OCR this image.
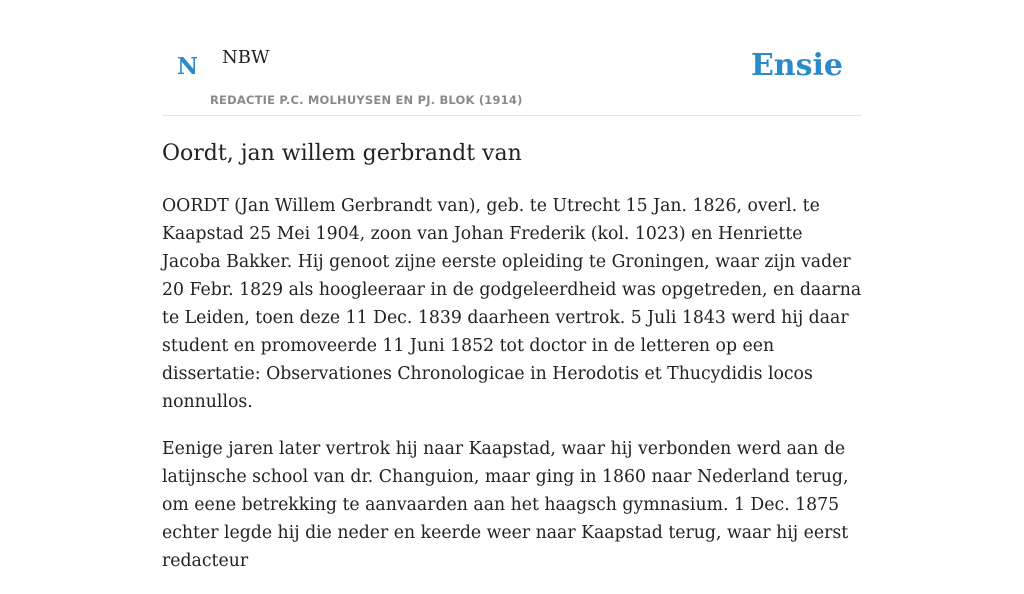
N NBW
REDACTIE P.C. MOLHUYSEN EN PJ. BLOK (1914)
Ensie
Oordt, jan willem gerbrandt van

OORDT (Jan Willem Gerbrandt van), geb. te Utrecht 15 Jan. 1826, overl. te Kaapstad 25 Mei 1904, zoon van Johan Frederik (kol. 1023) en Henriette Jacoba Bakker. Hij genoot zijne eerste opleiding te Groningen, waar zijn vader 20 Febr. 1829 als hoogleeraar in de godgeleerdheid was opgetreden, en daarna te Leiden, toen deze 11 Dec. 1839 daarheen vertrok. 5 Juli 1843 werd hij daar student en promoveerde 11 Juni 1852 tot doctor in de letteren op een dissertatie: Observationes Chronologicae in Herodotis et Thucydidis locos nonnullos.

Eenige jaren later vertrok hij naar Kaapstad, waar hij verbonden werd aan de latijnsche school van dr. Changuion, maar ging in 1860 naar Nederland terug, om eene betrekking te aanvaarden aan het haagsch gymnasium. 1 Dec. 1875 echter legde hij die neder en keerde weer naar Kaapstad terug, waar hij eerst redacteur
